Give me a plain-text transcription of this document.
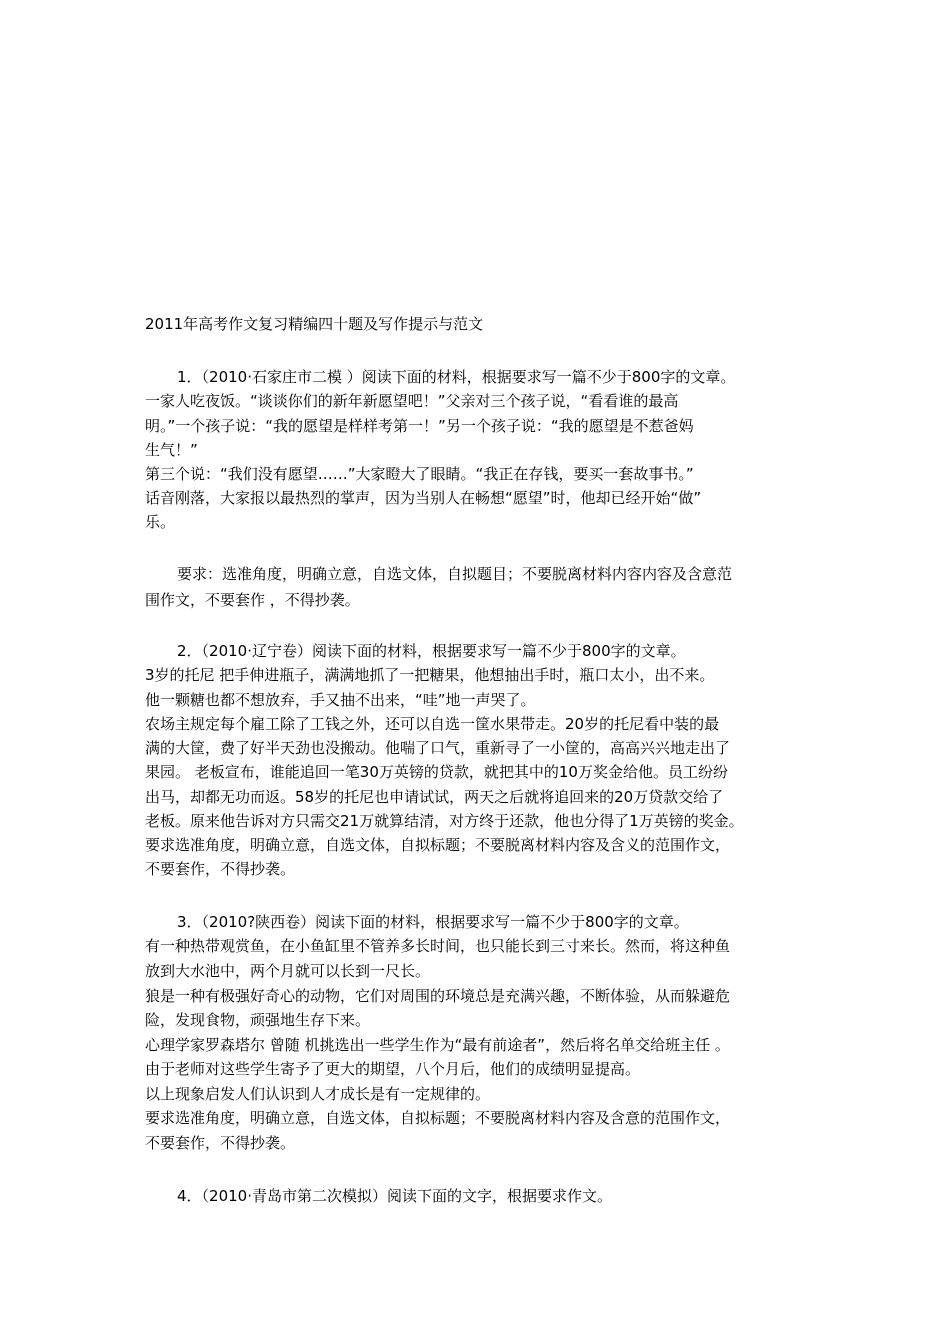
2011年高考作文复习精编四十题及写作提示与范文
1．（2010·石家庄市二模 ）阅读下面的材料，根据要求写一篇不少于800字的文章。
一家人吃夜饭。“谈谈你们的新年新愿望吧！”父亲对三个孩子说，“看看谁的最高
明。”一个孩子说：“我的愿望是样样考第一！”另一个孩子说：“我的愿望是不惹爸妈
生气！”
第三个说：“我们没有愿望……”大家瞪大了眼睛。“我正在存钱，要买一套故事书。”
话音刚落，大家报以最热烈的掌声，因为当别人在畅想“愿望”时，他却已经开始“做”
乐。
要求：选准角度，明确立意，自选文体，自拟题目；不要脱离材料内容内容及含意范
围作文，不要套作 ，不得抄袭。
2．（2010·辽宁卷）阅读下面的材料，根据要求写一篇不少于800字的文章。
3岁的托尼 把手伸进瓶子，满满地抓了一把糖果，他想抽出手时，瓶口太小，出不来。
他一颗糖也都不想放弃，手又抽不出来，“哇”地一声哭了。
农场主规定每个雇工除了工钱之外，还可以自选一筐水果带走。20岁的托尼看中装的最
满的大筐，费了好半天劲也没搬动。他喘了口气，重新寻了一小筐的，高高兴兴地走出了
果园。 老板宣布，谁能追回一笔30万英镑的贷款，就把其中的10万奖金给他。员工纷纷
出马，却都无功而返。58岁的托尼也申请试试，两天之后就将追回来的20万贷款交给了
老板。原来他告诉对方只需交21万就算结清，对方终于还款，他也分得了1万英镑的奖金。
要求选准角度，明确立意，自选文体，自拟标题；不要脱离材料内容及含义的范围作文，
不要套作，不得抄袭。
3．（2010?陕西卷）阅读下面的材料，根据要求写一篇不少于800字的文章。
有一种热带观赏鱼，在小鱼缸里不管养多长时间，也只能长到三寸来长。然而，将这种鱼
放到大水池中，两个月就可以长到一尺长。
狼是一种有极强好奇心的动物，它们对周围的环境总是充满兴趣，不断体验，从而躲避危
险，发现食物，顽强地生存下来。
心理学家罗森塔尔 曾随 机挑选出一些学生作为“最有前途者”，然后将名单交给班主任 。
由于老师对这些学生寄予了更大的期望，八个月后，他们的成绩明显提高。
以上现象启发人们认识到人才成长是有一定规律的。
要求选准角度，明确立意，自选文体，自拟标题；不要脱离材料内容及含意的范围作文，
不要套作，不得抄袭。
4．（2010·青岛市第二次模拟）阅读下面的文字，根据要求作文。
